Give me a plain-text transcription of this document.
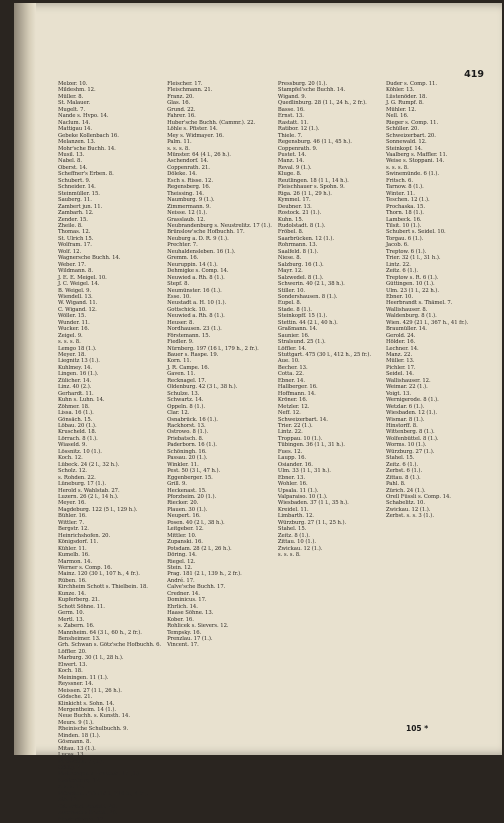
419
Melzer. 10.
Mildeshm. 12.
Müller. 8.
St. Malauer.
Mugelt. 7.
Nande s. Hvpo. 14.
Naclum. 14.
Mattigau 14.
Gebeke Kollenbach 16.
Melanzen. 13.
Mohr'sche Buchh. 14.
Musil. 13.
Nabel. 8.
Oberst. 14.
Scheffner's Erben. 8.
Schubert. 9.
Schneider. 14.
Steinmüller. 15.
Sauberg. 11.
Zambert jun. 11.
Zambarh. 12.
Zender. 15.
Zheile. 8.
Thomas. 12.
St. Ulrich 15.
Wolfram. 17.
Wolf. 12.
Wagnersche Buchh. 14.
Weber. 17.
Wildmann. 8.
J. E. E. Meigel. 10.
J. C. Weigel. 14.
B. Weigel. 9.
Wiendell. 13.
W. Wigand. 11.
C. Wigand. 12.
Wöller. 15.
Wunder. 11.
Wucker. 16.
Zeigel. 9.
s. s. s. 8.
Lemgo 18 (1.).
Meyer. 18.
Liegnitz 13 (1.).
Kuhlmey. 14.
Lingen. 16 (1.).
Zülicher. 14.
Linz. 40 (2.).
Gerhardt. 11.
Kuhn s. Luhn. 14.
Zöhmer. 18.
Lissa. 16 (1.).
Gönsäch. 15.
Löbau. 20 (1.).
Kruscheld. 18.
Lörrach. 8 (1.).
Wiaseld. 9.
Lössnitz. 10 (1.).
Koch. 12.
Lübeck. 24 (2 l., 32 h.).
Scholz. 12.
s. Rohden. 22.
Lüneburg. 17 (1.).
Herold s. Wahlstab. 27.
Luzern. 26 (2 l., 14 h.).
Meyer. 16.
Magdeburg. 122 (5 l., 129 h.).
Bühler. 16.
Wittler. 7.
Bergstr. 12.
Heinrichshofen. 20.
Königsdorf. 11.
Kühler. 11.
Kumelb. 16.
Marmon. 14.
Werner s. Comp. 16.
Mainz. 120 (30 l., 107 h., 4 fr.).
Rüben. 16.
Kirchheim Schott s. Thielbein. 18.
Kunze. 14.
Kupferberg. 21.
Schott Söhne. 11.
Germ. 10.
Mertl. 13.
s. Zabern. 16.
Mannheim. 64 (3 l., 60 h., 2 fr.).
Bensheimer. 13.
Grh. Schwan s. Götz'sche Hofbuchh. 6.
Löffler. 20.
Marburg. 30 (1 l., 28 h.).
Elwert. 13.
Koch. 18.
Meiningen. 11 (1.).
Reyssner. 14.
Meissen. 27 (1 l., 26 h.).
Gödsche. 21.
Klinkicht s. Sohn. 14.
Mergentheim. 14 (1.).
Neue Buchh. s. Kunsth. 14.
Meurs. 9 (1.).
Rheinische Schulbuchh. 9.
Minden. 18 (1.).
Gösmann. 8.
Mitau. 13 (1.).
Lucas. 13.
Mittweida. 7 (1.).
Göllig. 7.
Mohrungen s. Braunsb. 17 (1.).
Rautenberg. 17.
s. s. s. 18.
München. 233 (18 l., 210 h., 4 fr.).
Ath. 12.
Cit.-artist. Anstalt. 20.
Auerbach's Buchh. 20.
Finsterlingen. 12.
Fleischer. 17.
Fleischmann. 21.
Franz. 20.
Glas. 16.
Grund. 22.
Fahrer. 16.
Huber'sche Buchh. (Cammr.). 22.
Löhle s. Pfister. 14.
Mey s. Widmayer. 16.
Palm. 11.
s. s. s. 8.
Münster. 64 (4 l., 26 h.).
Aschendorf. 14.
Coppenrath. 21.
Döleke. 14.
Esch s. Risse. 12.
Regensberg. 16.
Theissing. 14.
Naumburg. 9 (1.).
Zimmermann. 9.
Neisse. 12 (1.).
Grasslaub. 12.
Neubrandenburg s. Neustrelitz. 17 (1.).
Brünslow'sche Hofbuchh. 17.
Neuburg a. D. R. 9 (1.).
Prechter. 7.
Neuhaldensleben. 16 (1.).
Gremm. 16.
Neuruppin. 14 (1.).
Dehmigke s. Comp. 14.
Neuwied a. Rh. 8 (1.).
Stepf. 8.
Neumünster. 16 (1.).
Esse. 10.
Neustadt a. H. 10 (1.).
Gottschick. 10.
Neuwied a. Rh. 8 (1.).
Heuser. 8.
Nordhausen. 23 (1.).
Förstemann. 15.
Fiedler. 9.
Nürnberg. 197 (16 l., 179 h., 2 fr.).
Bauer s. Raspe. 19.
Korn. 11.
J. R. Campe. 16.
Gaven. 11.
Recknagel. 17.
Oldenburg. 42 (3 l., 38 h.).
Schulze. 13.
Schwartz. 14.
Oppeln. 8 (1.).
Clar. 12.
Osnabrück. 16 (1.).
Rackhorst. 13.
Ostrowo. 8 (1.).
Priebatsch. 8.
Paderborn. 16 (1.).
Schöningh. 16.
Passau. 20 (1.).
Winkler. 11.
Pest. 50 (3 l., 47 h.).
Eggenberger. 15.
Grill. 9.
Heckenast. 15.
Pforzheim. 20 (1.).
Riecker. 20.
Plauen. 30 (1.).
Neupert. 16.
Posen. 40 (2 l., 38 h.).
Leitgeber. 12.
Mittler. 10.
Zupanski. 16.
Potsdam. 28 (2 l., 26 h.).
Döring. 14.
Riegel. 12.
Stein. 12.
Prag. 181 (2 l., 139 h., 2 fr.).
André. 17.
Calve'sche Buchh. 17.
Credner. 14.
Dominicus. 17.
Ehrlich. 14.
Haase Söhne. 13.
Kober. 16.
Rohlicek s. Sievers. 12.
Tempsky. 16.
Prenzlau. 17 (1.).
Vincent. 17.
Pressburg. 20 (1.).
Stampfel'sche Buchh. 14.
Wigand. 9.
Quedlinburg. 28 (1 l., 24 h., 2 fr.).
Basse. 16.
Ernst. 13.
Rastatt. 11.
Ratibor. 12 (1.).
Thiele. 7.
Regensburg. 46 (1 l., 45 h.).
Coppenrath. 9.
Pustet. 14.
Manz. 14.
Reval. 9 (1.).
Kluge. 8.
Reutlingen. 18 (1 l., 14 h.).
Fleischhauer s. Spohn. 9.
Riga. 26 (1 l., 29 h.).
Kymmel. 17.
Deubner. 13.
Rostock. 21 (1.).
Kuhn. 15.
Rudolstadt. 8 (1.).
Fröbel. 8.
Saarbrücken. 12 (1.).
Rohrmann. 13.
Saalfeld. 8 (1.).
Niese. 8.
Salzburg. 16 (1.).
Mayr. 12.
Salzwedel. 8 (1.).
Schwerin. 40 (2 l., 38 h.).
Stiller. 10.
Sondershausen. 8 (1.).
Eupel. 8.
Stade. 8 (1.).
Steinkopff. 15 (1.).
Stettin. 44 (2 l., 40 h.).
Graßmann. 14.
Saunier. 16.
Stralsund. 25 (1.).
Löffler. 14.
Stuttgart. 475 (30 l., 412 h., 25 fr.).
Aue. 10.
Becher. 13.
Cotta. 22.
Ebner. 14.
Hallberger. 16.
Hoffmann. 14.
Kröner. 16.
Metzler. 12.
Neff. 12.
Schweizerbart. 14.
Trier. 22 (1.).
Lintz. 22.
Troppau. 10 (1.).
Tübingen. 36 (1 l., 31 h.).
Fues. 12.
Laupp. 16.
Osiander. 16.
Ulm. 33 (1 l., 31 h.).
Ebner. 13.
Wohler. 16.
Upsala. 11 (1.).
Valparaiso. 10 (1.).
Wiesbaden. 37 (1 l., 35 h.).
Kreidel. 11.
Limbarth. 12.
Würzburg. 27 (1 l., 25 h.).
Stahel. 15.
Zeitz. 8 (1.).
Zittau. 10 (1.).
Zwickau. 12 (1.).
s. s. s. 8.
Duder s. Comp. 11.
Köhler. 13.
Lüstenöder. 18.
J. G. Rumpf. 8.
Mühler. 12.
Nell. 16.
Rieger s. Comp. 11.
Schüller. 20.
Schweizerbart. 20.
Sonnewald. 12.
Steinkopf. 14.
Vaalberg s. Maffler. 11.
Weise s. Stoppani. 14.
s. s. s. 8.
Swinemünde. 6 (1.).
Fritsch. 6.
Tarnow. 8 (1.).
Winter. 11.
Teschen. 12 (1.).
Prochaska. 15.
Thorn. 18 (1.).
Lambeck. 16.
Tilsit. 10 (1.).
Schubert s. Seidel. 10.
Torgau. 6 (1.).
Jacob. 6.
Treptow. 6 (1.).
Trier. 32 (1 l., 31 h.).
Lintz. 22.
Zeitz. 6 (1.).
Treptow s. R. 6 (1.).
Güttingen. 10 (1.).
Ulm. 23 (1 l., 22 h.).
Ebner. 10.
Heerbrandt s. Thämel. 7.
Wallishauser. 8.
Waldenburg. 8 (1.).
Wien. 429 (21 l., 367 h., 41 fr.).
Braumüller. 14.
Gerold. 24.
Hölder. 16.
Lechner. 14.
Manz. 22.
Müller. 13.
Pichler. 17.
Seidel. 14.
Wallishauser. 12.
Weimar. 22 (1.).
Voigt. 13.
Wernigerode. 8 (1.).
Wetzlar. 6 (1.).
Wiesbaden. 12 (1.).
Wismar. 8 (1.).
Hinstorff. 8.
Wittenberg. 8 (1.).
Wolfenbüttel. 8 (1.).
Worms. 10 (1.).
Würzburg. 27 (1.).
Stahel. 15.
Zeitz. 6 (1.).
Zerbst. 6 (1.).
Zittau. 8 (1.).
Pahl. 8.
Zürich. 24 (1.).
Orell Füssli s. Comp. 14.
Schabelitz. 10.
Zwickau. 12 (1.).
Zerbst. s. s. 3 (1.).
105 *
